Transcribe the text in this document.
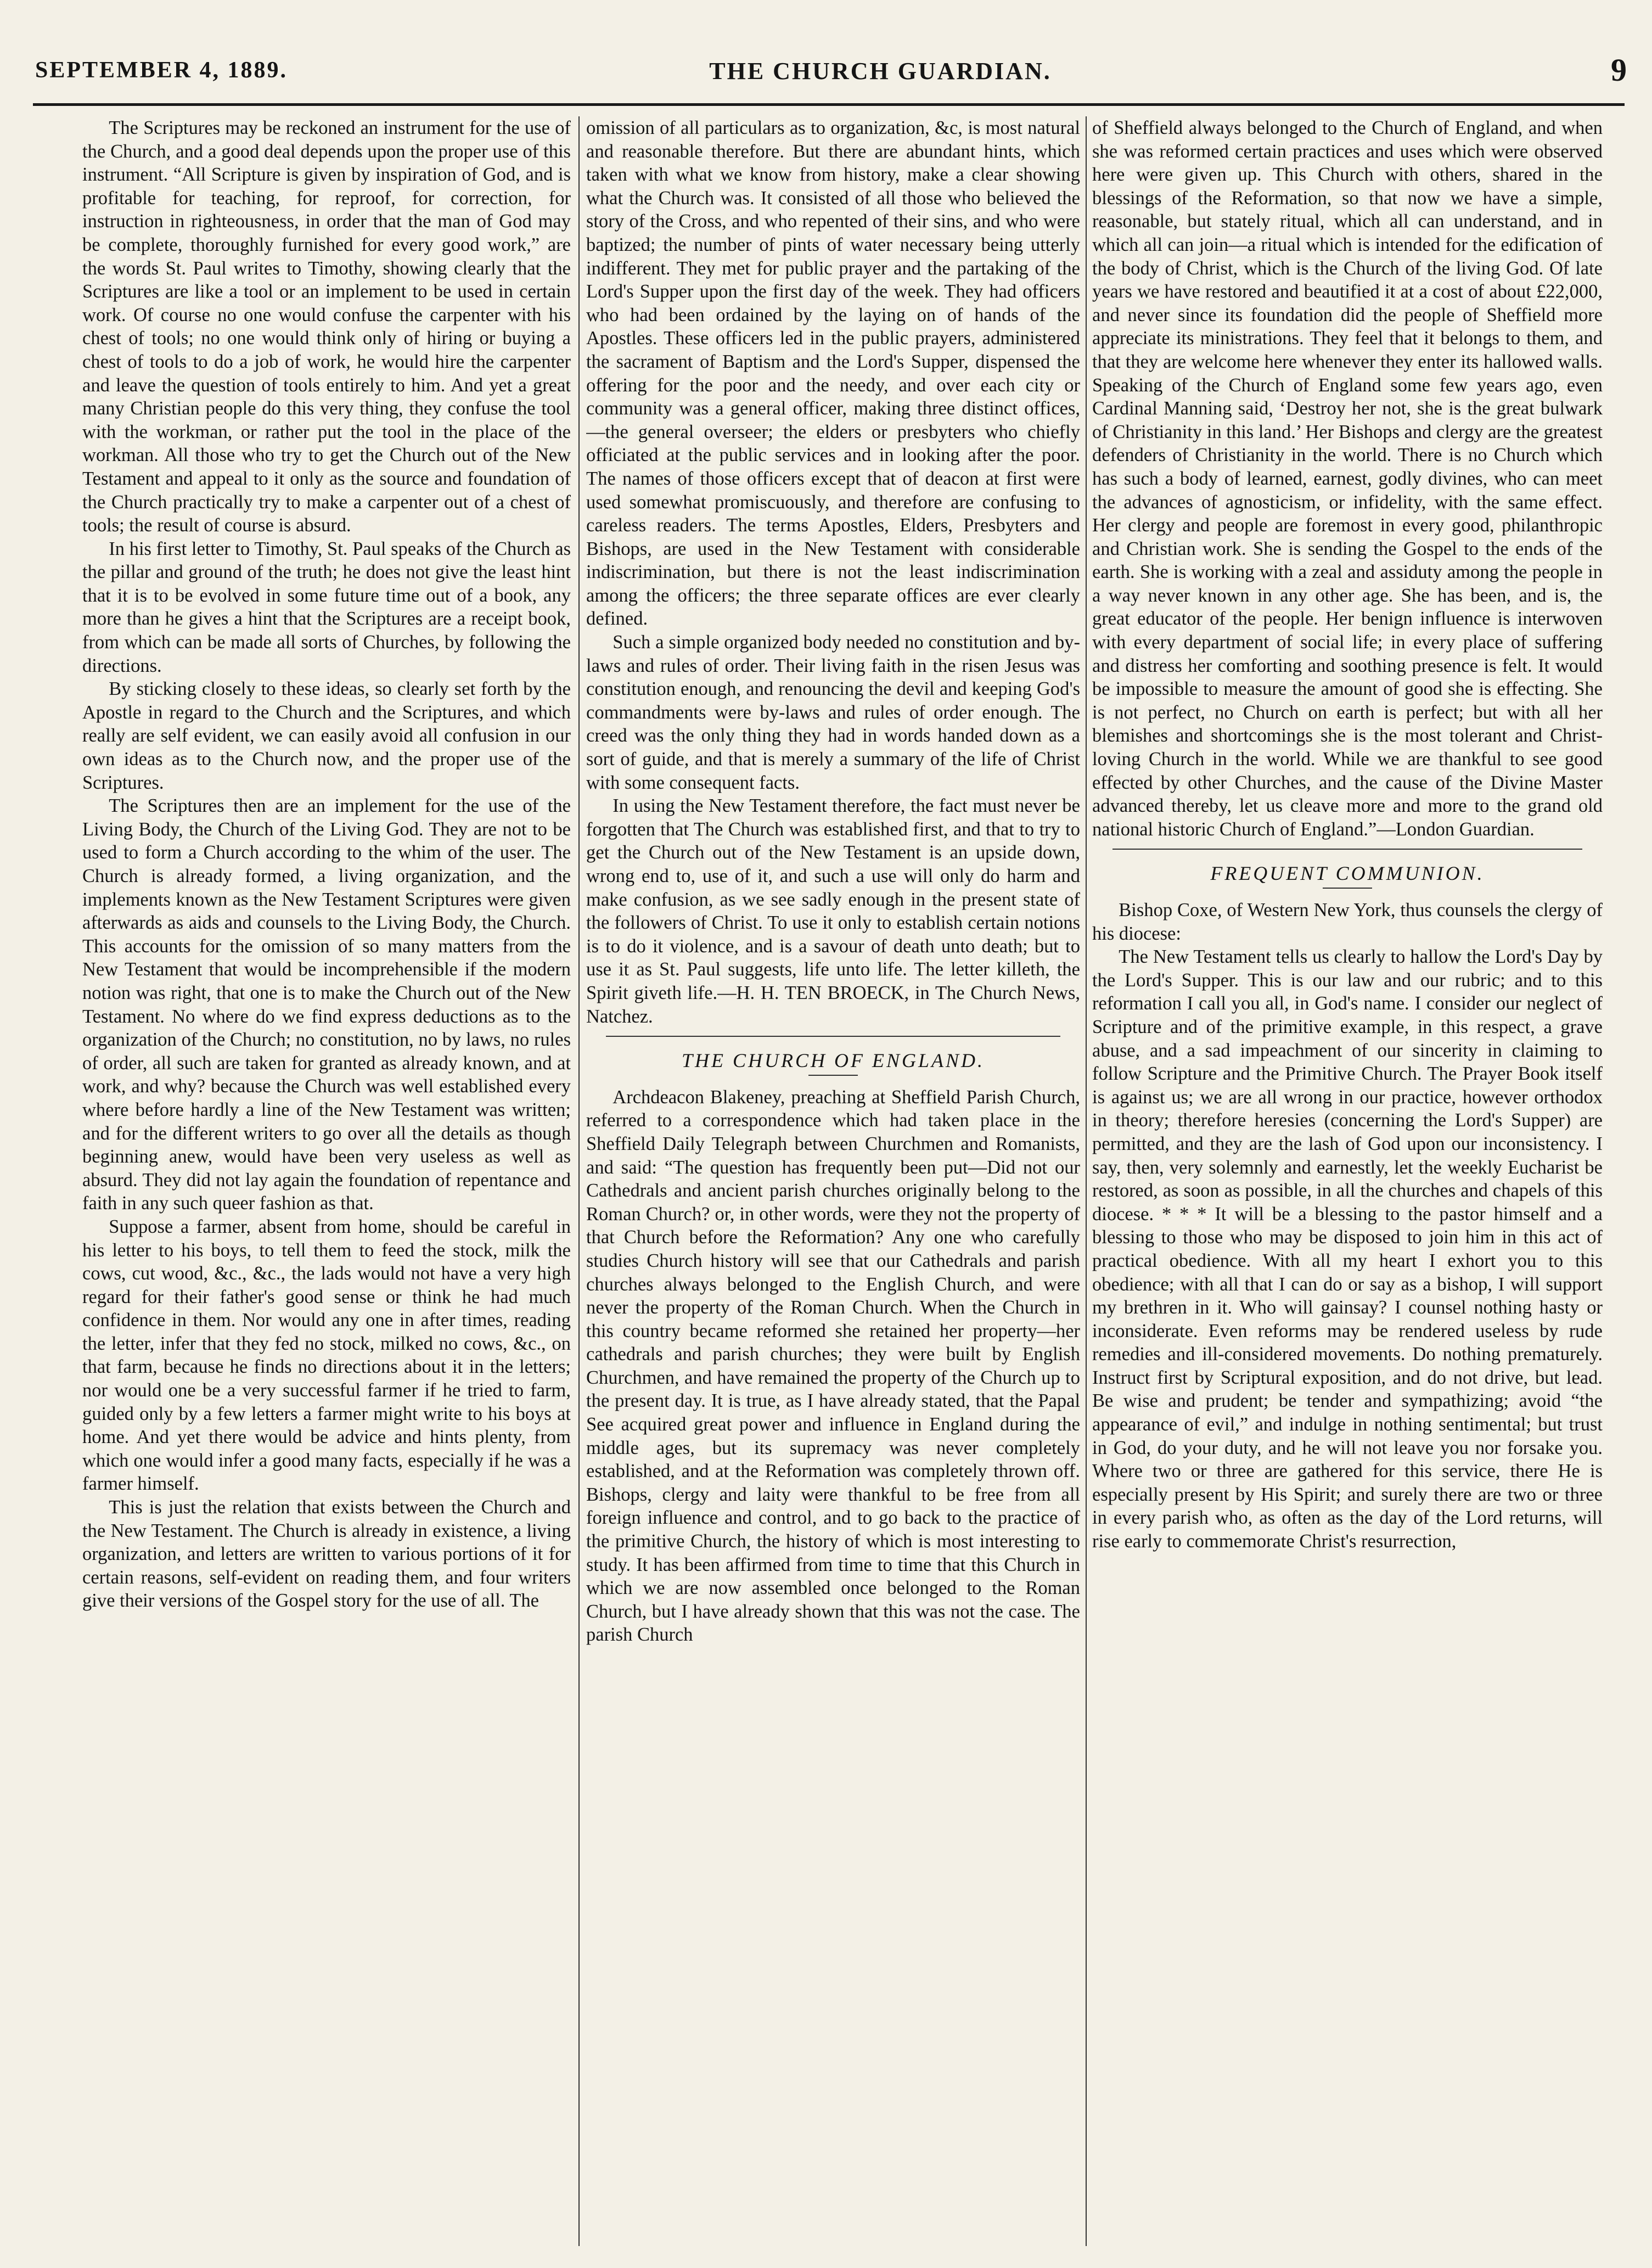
SEPTEMBER 4, 1889.	THE CHURCH GUARDIAN.	9

The Scriptures may be reckoned an instrument for the use of the Church, and a good deal depends upon the proper use of this instrument. “All Scripture is given by inspiration of God, and is profitable for teaching, for reproof, for correction, for instruction in righteousness, in order that the man of God may be complete, thoroughly furnished for every good work,” are the words St. Paul writes to Timothy, showing clearly that the Scriptures are like a tool or an implement to be used in certain work. Of course no one would confuse the carpenter with his chest of tools; no one would think only of hiring or buying a chest of tools to do a job of work, he would hire the carpenter and leave the question of tools entirely to him. And yet a great many Christian people do this very thing, they confuse the tool with the workman, or rather put the tool in the place of the workman. All those who try to get the Church out of the New Testament and appeal to it only as the source and foundation of the Church practically try to make a carpenter out of a chest of tools; the result of course is absurd.

In his first letter to Timothy, St. Paul speaks of the Church as the pillar and ground of the truth; he does not give the least hint that it is to be evolved in some future time out of a book, any more than he gives a hint that the Scriptures are a receipt book, from which can be made all sorts of Churches, by following the directions.

By sticking closely to these ideas, so clearly set forth by the Apostle in regard to the Church and the Scriptures, and which really are self evident, we can easily avoid all confusion in our own ideas as to the Church now, and the proper use of the Scriptures.

The Scriptures then are an implement for the use of the Living Body, the Church of the Living God. They are not to be used to form a Church according to the whim of the user. The Church is already formed, a living organization, and the implements known as the New Testament Scriptures were given afterwards as aids and counsels to the Living Body, the Church. This accounts for the omission of so many matters from the New Testament that would be incomprehensible if the modern notion was right, that one is to make the Church out of the New Testament. No where do we find express deductions as to the organization of the Church; no constitution, no by laws, no rules of order, all such are taken for granted as already known, and at work, and why? because the Church was well established every where before hardly a line of the New Testament was written; and for the different writers to go over all the details as though beginning anew, would have been very useless as well as absurd. They did not lay again the foundation of repentance and faith in any such queer fashion as that.

Suppose a farmer, absent from home, should be careful in his letter to his boys, to tell them to feed the stock, milk the cows, cut wood, &c., &c., the lads would not have a very high regard for their father's good sense or think he had much confidence in them. Nor would any one in after times, reading the letter, infer that they fed no stock, milked no cows, &c., on that farm, because he finds no directions about it in the letters; nor would one be a very successful farmer if he tried to farm, guided only by a few letters a farmer might write to his boys at home. And yet there would be advice and hints plenty, from which one would infer a good many facts, especially if he was a farmer himself.

This is just the relation that exists between the Church and the New Testament. The Church is already in existence, a living organization, and letters are written to various portions of it for certain reasons, self-evident on reading them, and four writers give their versions of the Gospel story for the use of all. The

omission of all particulars as to organization, &c, is most natural and reasonable therefore. But there are abundant hints, which taken with what we know from history, make a clear showing what the Church was. It consisted of all those who believed the story of the Cross, and who repented of their sins, and who were baptized; the number of pints of water necessary being utterly indifferent. They met for public prayer and the partaking of the Lord's Supper upon the first day of the week. They had officers who had been ordained by the laying on of hands of the Apostles. These officers led in the public prayers, administered the sacrament of Baptism and the Lord's Supper, dispensed the offering for the poor and the needy, and over each city or community was a general officer, making three distinct offices,—the general overseer; the elders or presbyters who chiefly officiated at the public services and in looking after the poor. The names of those officers except that of deacon at first were used somewhat promiscuously, and therefore are confusing to careless readers. The terms Apostles, Elders, Presbyters and Bishops, are used in the New Testament with considerable indiscrimination, but there is not the least indiscrimination among the officers; the three separate offices are ever clearly defined.

Such a simple organized body needed no constitution and by-laws and rules of order. Their living faith in the risen Jesus was constitution enough, and renouncing the devil and keeping God's commandments were by-laws and rules of order enough. The creed was the only thing they had in words handed down as a sort of guide, and that is merely a summary of the life of Christ with some consequent facts.

In using the New Testament therefore, the fact must never be forgotten that The Church was established first, and that to try to get the Church out of the New Testament is an upside down, wrong end to, use of it, and such a use will only do harm and make confusion, as we see sadly enough in the present state of the followers of Christ. To use it only to establish certain notions is to do it violence, and is a savour of death unto death; but to use it as St. Paul suggests, life unto life. The letter killeth, the Spirit giveth life.—H. H. TEN BROECK, in The Church News, Natchez.

THE CHURCH OF ENGLAND.

Archdeacon Blakeney, preaching at Sheffield Parish Church, referred to a correspondence which had taken place in the Sheffield Daily Telegraph between Churchmen and Romanists, and said: “The question has frequently been put—Did not our Cathedrals and ancient parish churches originally belong to the Roman Church? or, in other words, were they not the property of that Church before the Reformation? Any one who carefully studies Church history will see that our Cathedrals and parish churches always belonged to the English Church, and were never the property of the Roman Church. When the Church in this country became reformed she retained her property—her cathedrals and parish churches; they were built by English Churchmen, and have remained the property of the Church up to the present day. It is true, as I have already stated, that the Papal See acquired great power and influence in England during the middle ages, but its supremacy was never completely established, and at the Reformation was completely thrown off. Bishops, clergy and laity were thankful to be free from all foreign influence and control, and to go back to the practice of the primitive Church, the history of which is most interesting to study. It has been affirmed from time to time that this Church in which we are now assembled once belonged to the Roman Church, but I have already shown that this was not the case. The parish Church

of Sheffield always belonged to the Church of England, and when she was reformed certain practices and uses which were observed here were given up. This Church with others, shared in the blessings of the Reformation, so that now we have a simple, reasonable, but stately ritual, which all can understand, and in which all can join—a ritual which is intended for the edification of the body of Christ, which is the Church of the living God. Of late years we have restored and beautified it at a cost of about £22,000, and never since its foundation did the people of Sheffield more appreciate its ministrations. They feel that it belongs to them, and that they are welcome here whenever they enter its hallowed walls. Speaking of the Church of England some few years ago, even Cardinal Manning said, ‘Destroy her not, she is the great bulwark of Christianity in this land.’ Her Bishops and clergy are the greatest defenders of Christianity in the world. There is no Church which has such a body of learned, earnest, godly divines, who can meet the advances of agnosticism, or infidelity, with the same effect. Her clergy and people are foremost in every good, philanthropic and Christian work. She is sending the Gospel to the ends of the earth. She is working with a zeal and assiduty among the people in a way never known in any other age. She has been, and is, the great educator of the people. Her benign influence is interwoven with every department of social life; in every place of suffering and distress her comforting and soothing presence is felt. It would be impossible to measure the amount of good she is effecting. She is not perfect, no Church on earth is perfect; but with all her blemishes and shortcomings she is the most tolerant and Christ-loving Church in the world. While we are thankful to see good effected by other Churches, and the cause of the Divine Master advanced thereby, let us cleave more and more to the grand old national historic Church of England.”—London Guardian.

FREQUENT COMMUNION.

Bishop Coxe, of Western New York, thus counsels the clergy of his diocese:

The New Testament tells us clearly to hallow the Lord's Day by the Lord's Supper. This is our law and our rubric; and to this reformation I call you all, in God's name. I consider our neglect of Scripture and of the primitive example, in this respect, a grave abuse, and a sad impeachment of our sincerity in claiming to follow Scripture and the Primitive Church. The Prayer Book itself is against us; we are all wrong in our practice, however orthodox in theory; therefore heresies (concerning the Lord's Supper) are permitted, and they are the lash of God upon our inconsistency. I say, then, very solemnly and earnestly, let the weekly Eucharist be restored, as soon as possible, in all the churches and chapels of this diocese. * * * It will be a blessing to the pastor himself and a blessing to those who may be disposed to join him in this act of practical obedience. With all my heart I exhort you to this obedience; with all that I can do or say as a bishop, I will support my brethren in it. Who will gainsay? I counsel nothing hasty or inconsiderate. Even reforms may be rendered useless by rude remedies and ill-considered movements. Do nothing prematurely. Instruct first by Scriptural exposition, and do not drive, but lead. Be wise and prudent; be tender and sympathizing; avoid “the appearance of evil,” and indulge in nothing sentimental; but trust in God, do your duty, and he will not leave you nor forsake you. Where two or three are gathered for this service, there He is especially present by His Spirit; and surely there are two or three in every parish who, as often as the day of the Lord returns, will rise early to commemorate Christ's resurrection,
